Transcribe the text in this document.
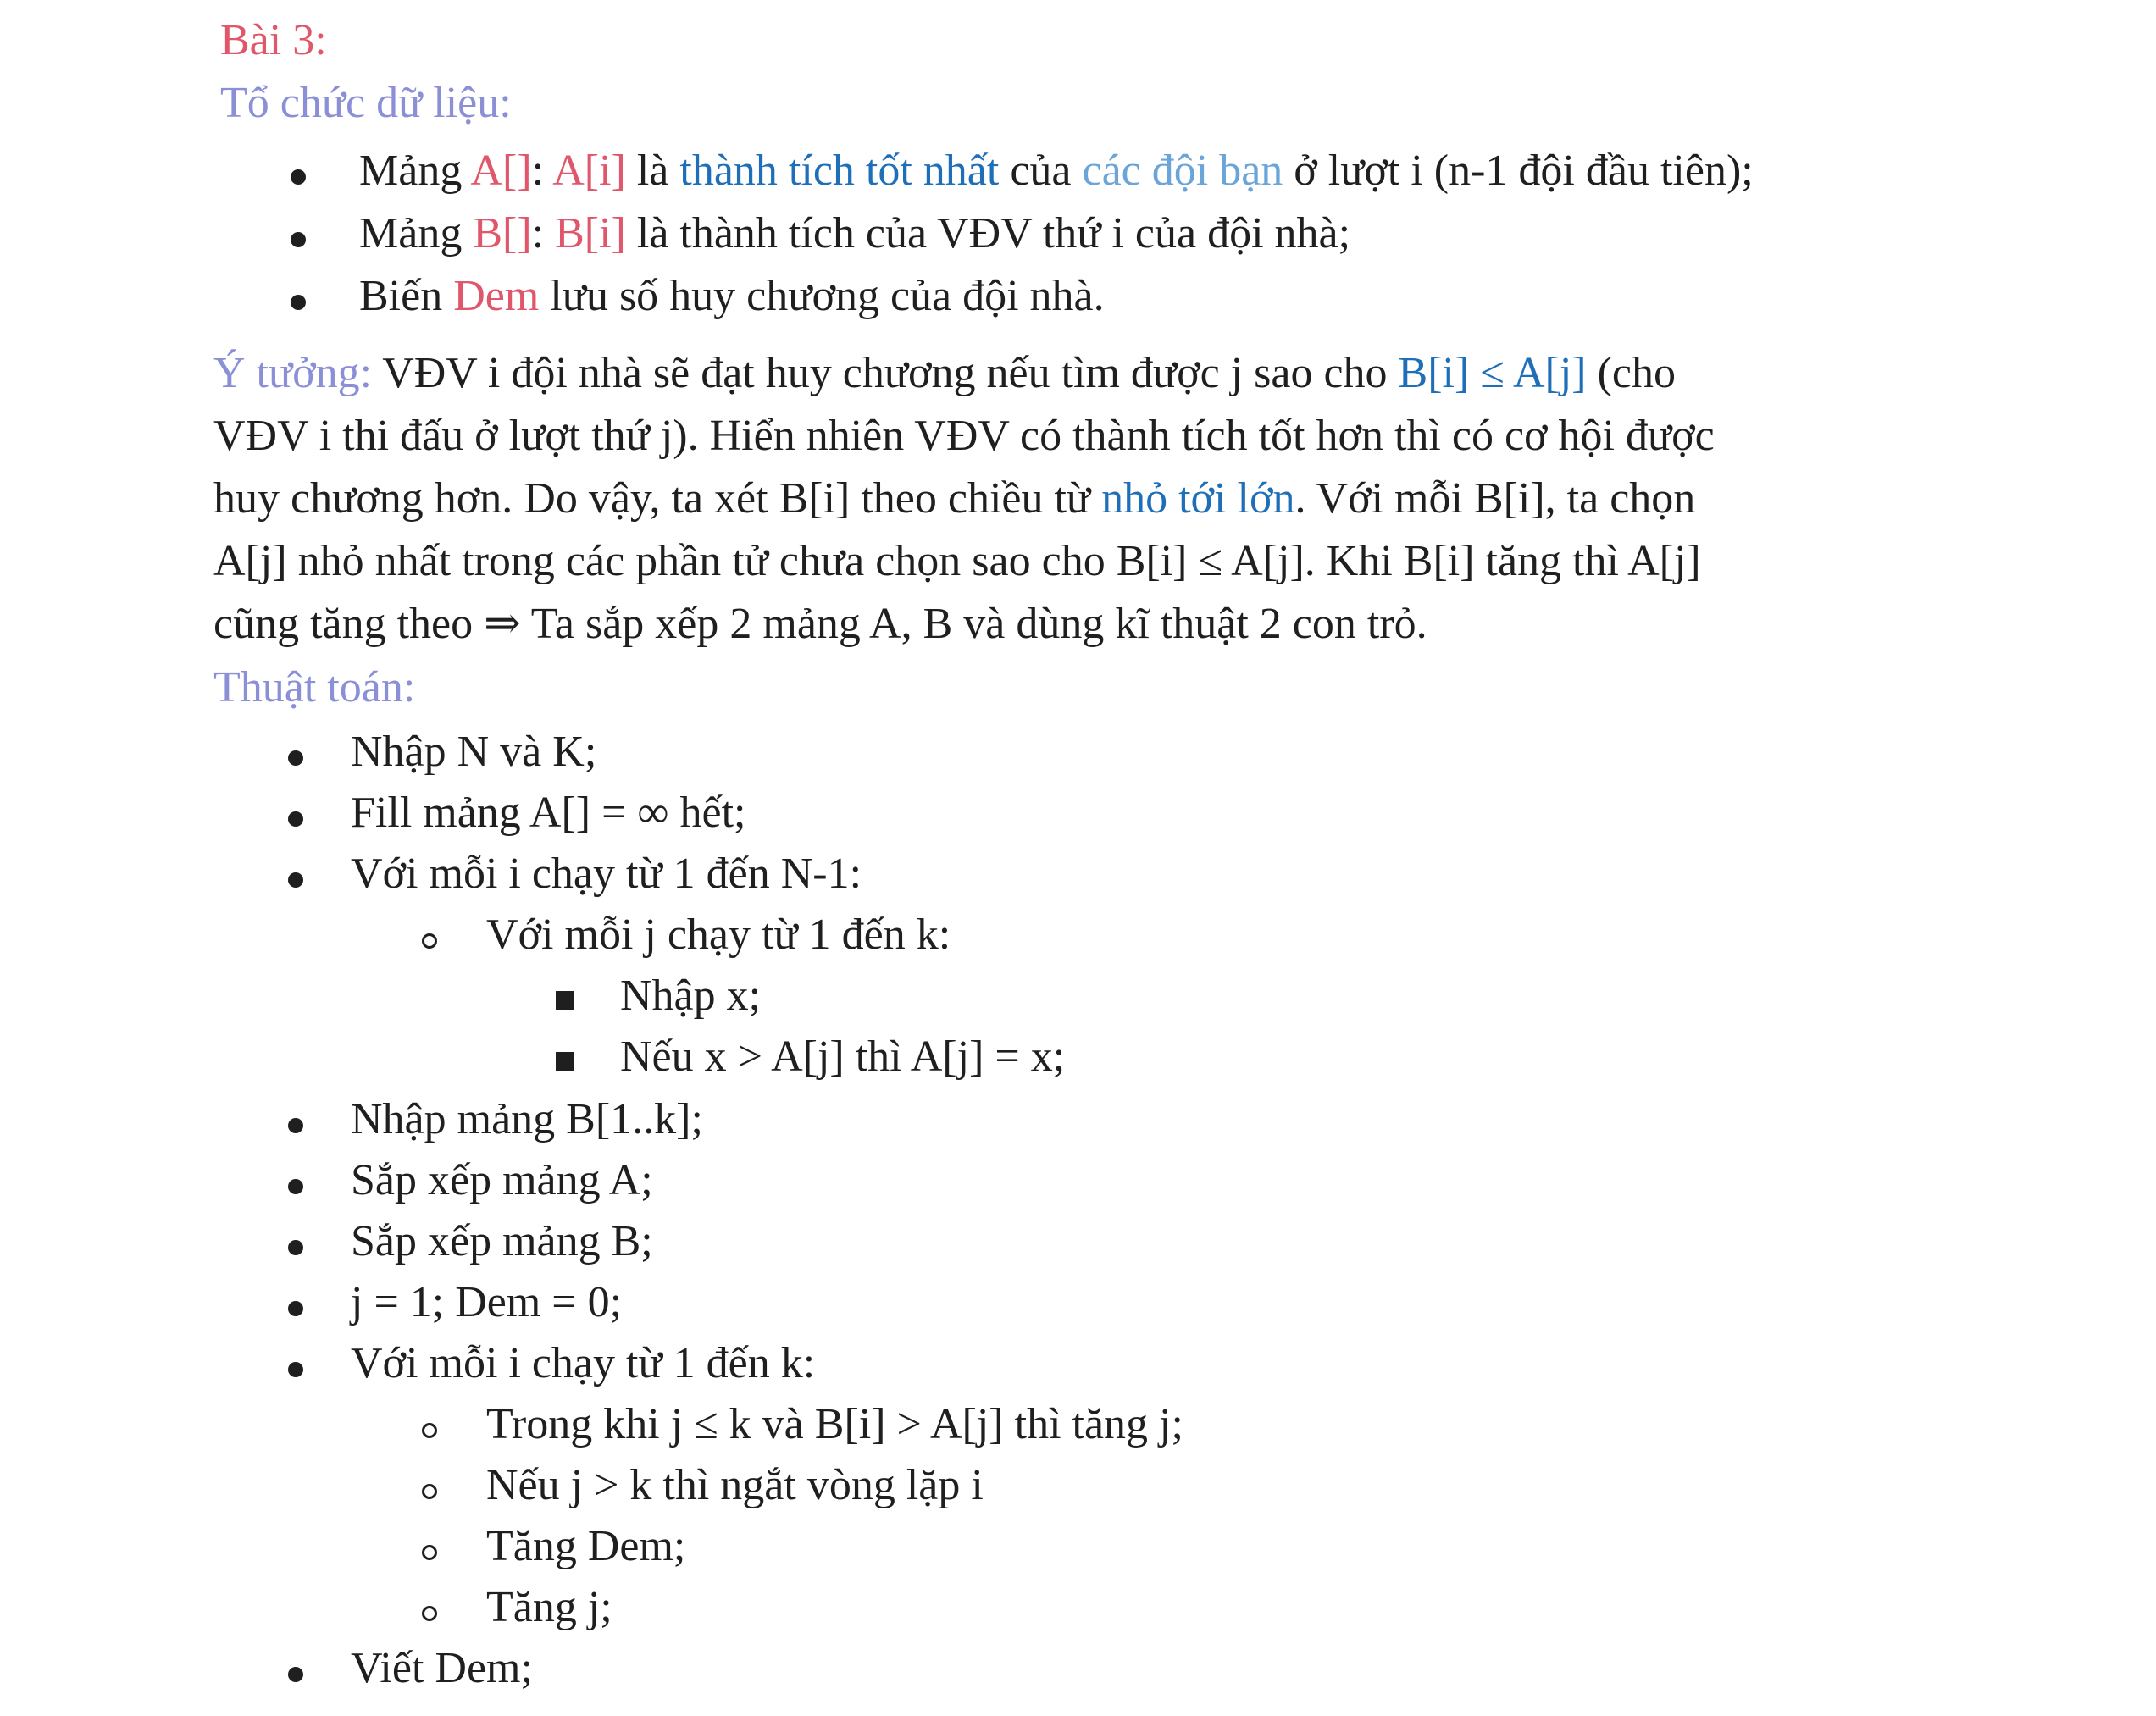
Bài 3:
Tổ chức dữ liệu:
Mảng A[]: A[i] là thành tích tốt nhất của các đội bạn ở lượt i (n-1 đội đầu tiên);
Mảng B[]: B[i] là thành tích của VĐV thứ i của đội nhà;
Biến Dem lưu số huy chương của đội nhà.
Ý tưởng: VĐV i đội nhà sẽ đạt huy chương nếu tìm được j sao cho B[i] ≤ A[j] (cho VĐV i thi đấu ở lượt thứ j). Hiển nhiên VĐV có thành tích tốt hơn thì có cơ hội được huy chương hơn. Do vậy, ta xét B[i] theo chiều từ nhỏ tới lớn. Với mỗi B[i], ta chọn A[j] nhỏ nhất trong các phần tử chưa chọn sao cho B[i] ≤ A[j]. Khi B[i] tăng thì A[j] cũng tăng theo ⇒ Ta sắp xếp 2 mảng A, B và dùng kĩ thuật 2 con trỏ.
Thuật toán:
Nhập N và K;
Fill mảng A[] = ∞ hết;
Với mỗi i chạy từ 1 đến N-1:
Với mỗi j chạy từ 1 đến k:
Nhập x;
Nếu x > A[j] thì A[j] = x;
Nhập mảng B[1..k];
Sắp xếp mảng A;
Sắp xếp mảng B;
j = 1; Dem = 0;
Với mỗi i chạy từ 1 đến k:
Trong khi j ≤ k và B[i] > A[j] thì tăng j;
Nếu j > k thì ngắt vòng lặp i
Tăng Dem;
Tăng j;
Viết Dem;
